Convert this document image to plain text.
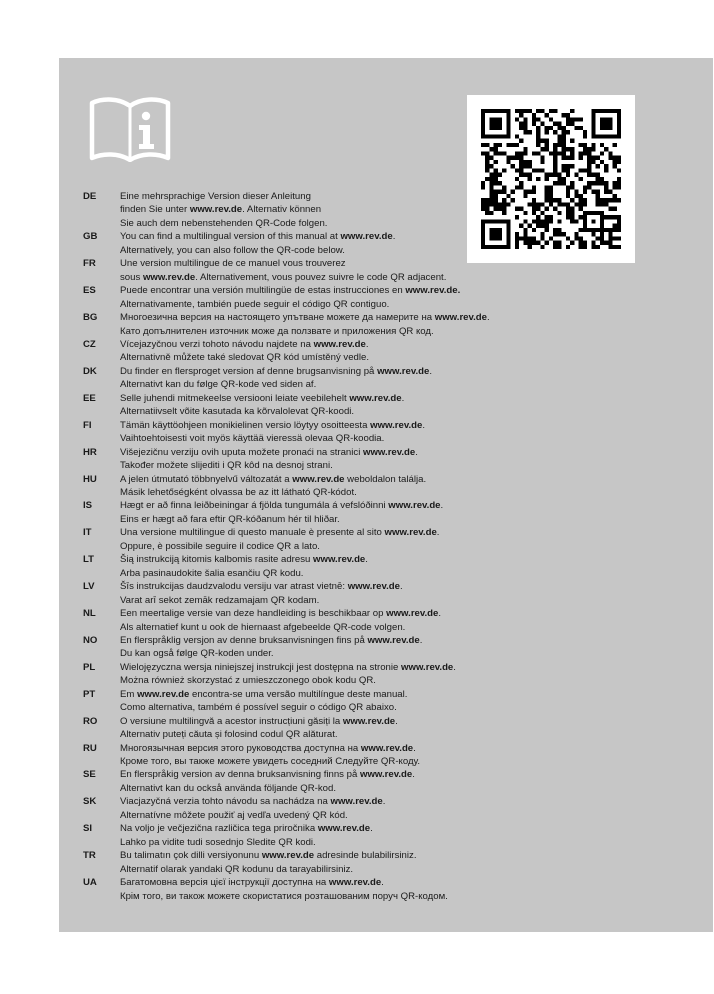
DE	Eine mehrsprachige Version dieser Anleitung
finden Sie unter www.rev.de. Alternativ können
Sie auch dem nebenstehenden QR-Code folgen.
GB	You can find a multilingual version of this manual at www.rev.de.
Alternatively, you can also follow the QR-code below.
FR	Une version multilingue de ce manuel vous trouverez
sous www.rev.de. Alternativement, vous pouvez suivre le code QR adjacent.
ES	Puede encontrar una versión multilingüe de estas instrucciones en www.rev.de.
Alternativamente, también puede seguir el código QR contiguo.
BG	Многоезична версия на настоящето упътване можете да намерите на www.rev.de.
Като допълнителен източник може да ползвате и приложения QR код.
CZ	Vícejazyčnou verzi tohoto návodu najdete na www.rev.de.
Alternativně můžete také sledovat QR kód umístěný vedle.
DK	Du finder en flersproget version af denne brugsanvisning på www.rev.de.
Alternativt kan du følge QR-kode ved siden af.
EE	Selle juhendi mitmekeelse versiooni leiate veebilehelt www.rev.de.
Alternatiivselt võite kasutada ka kõrvalolevat QR-koodi.
FI	Tämän käyttöohjeen monikielinen versio löytyy osoitteesta www.rev.de.
Vaihtoehtoisesti voit myös käyttää vieressä olevaa QR-koodia.
HR	Višejezičnu verziju ovih uputa možete pronaći na stranici www.rev.de.
Također možete slijediti i QR kôd na desnoj strani.
HU	A jelen útmutató többnyelvű változatát a www.rev.de weboldalon találja.
Másik lehetőségként olvassa be az itt látható QR-kódot.
IS	Hægt er að finna leiðbeiningar á fjölda tungumála á vefslóðinni www.rev.de.
Eins er hægt að fara eftir QR-kóðanum hér til hliðar.
IT	Una versione multilingue di questo manuale è presente al sito www.rev.de.
Oppure, è possibile seguire il codice QR a lato.
LT	Šią instrukciją kitomis kalbomis rasite adresu www.rev.de.
Arba pasinaudokite šalia esančiu QR kodu.
LV	Šīs instrukcijas daudzvalodu versiju var atrast vietnē: www.rev.de.
Varat arī sekot zemāk redzamajam QR kodam.
NL	Een meertalige versie van deze handleiding is beschikbaar op www.rev.de.
Als alternatief kunt u ook de hiernaast afgebeelde QR-code volgen.
NO	En flerspråklig versjon av denne bruksanvisningen fins på www.rev.de.
Du kan også følge QR-koden under.
PL	Wielojęzyczna wersja niniejszej instrukcji jest dostępna na stronie www.rev.de.
Można również skorzystać z umieszczonego obok kodu QR.
PT	Em www.rev.de encontra-se uma versão multilíngue deste manual.
Como alternativa, também é possível seguir o código QR abaixo.
RO	O versiune multilingvă a acestor instrucțiuni găsiți la www.rev.de.
Alternativ puteți căuta și folosind codul QR alăturat.
RU	Многоязычная версия этого руководства доступна на www.rev.de.
Кроме того, вы также можете увидеть соседний Следуйте QR-коду.
SE	En flerspråkig version av denna bruksanvisning finns på www.rev.de.
Alternativt kan du också använda följande QR-kod.
SK	Viacjazyčná verzia tohto návodu sa nachádza na www.rev.de.
Alternatívne môžete použiť aj vedľa uvedený QR kód.
SI	Na voljo je večjezična različica tega priročnika www.rev.de.
Lahko pa vidite tudi sosednjo Sledite QR kodi.
TR	Bu talimatın çok dilli versiyonunu www.rev.de adresinde bulabilirsiniz.
Alternatif olarak yandaki QR kodunu da tarayabilirsiniz.
UA	Багатомовна версія цієї інструкції доступна на www.rev.de.
Крім того, ви також можете скористатися розташованим поруч QR-кодом.
